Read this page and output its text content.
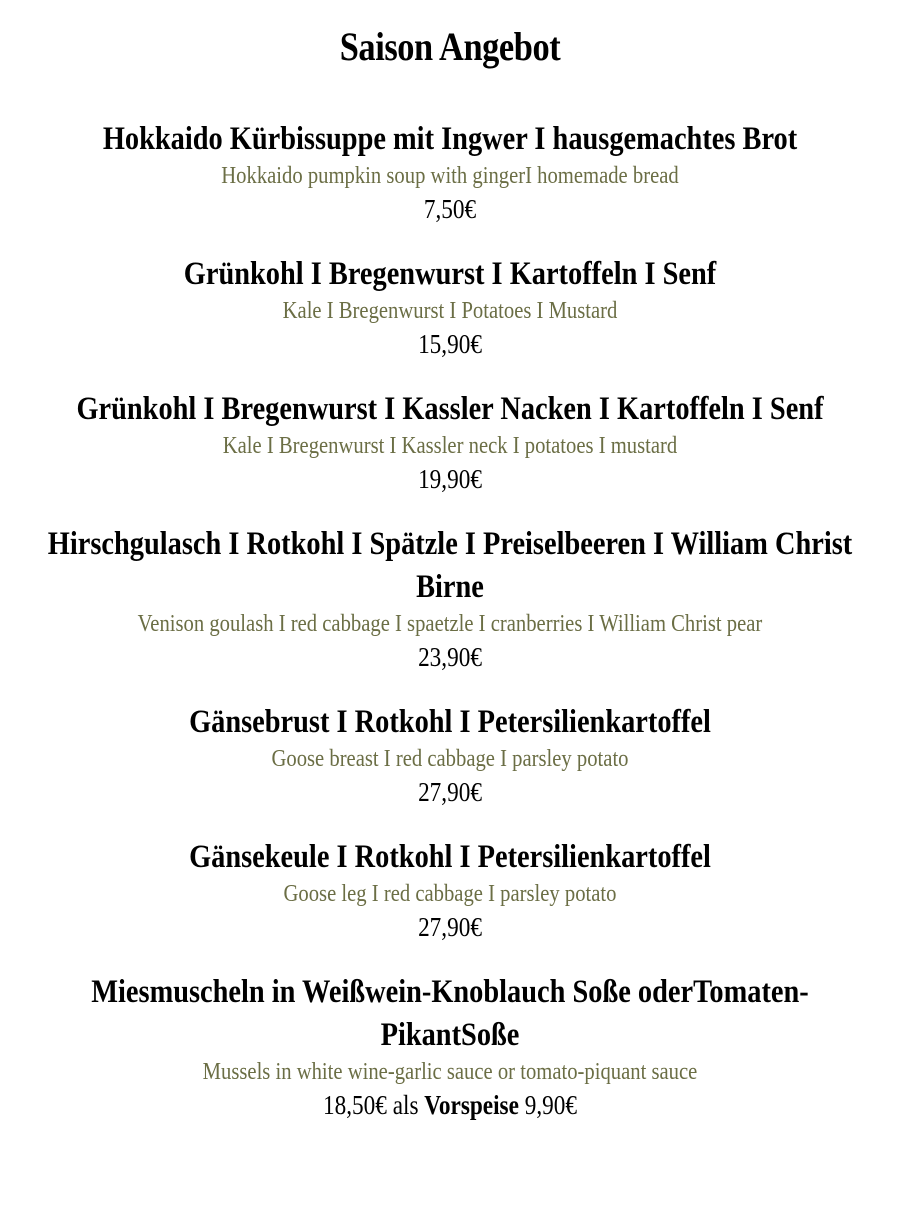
Saison Angebot

Hokkaido Kürbissuppe mit Ingwer I hausgemachtes Brot

Hokkaido pumpkin soup with gingerI homemade bread

7,50€

Grünkohl I Bregenwurst I Kartoffeln I Senf

Kale I Bregenwurst I Potatoes I Mustard

15,90€

Grünkohl I Bregenwurst I Kassler Nacken I Kartoffeln I Senf

Kale I Bregenwurst I Kassler neck I potatoes I mustard

19,90€

Hirschgulasch I Rotkohl I Spätzle I Preiselbeeren I William Christ

Birne

Venison goulash I red cabbage I spaetzle I cranberries I William Christ pear

23,90€

Gänsebrust I Rotkohl I Petersilienkartoffel

Goose breast I red cabbage I parsley potato

27,90€

Gänsekeule I Rotkohl I Petersilienkartoffel

Goose leg I red cabbage I parsley potato

27,90€

Miesmuscheln in Weißwein-Knoblauch Soße oderTomaten-

PikantSoße

Mussels in white wine-garlic sauce or tomato-piquant sauce

18,50€ als Vorspeise 9,90€
